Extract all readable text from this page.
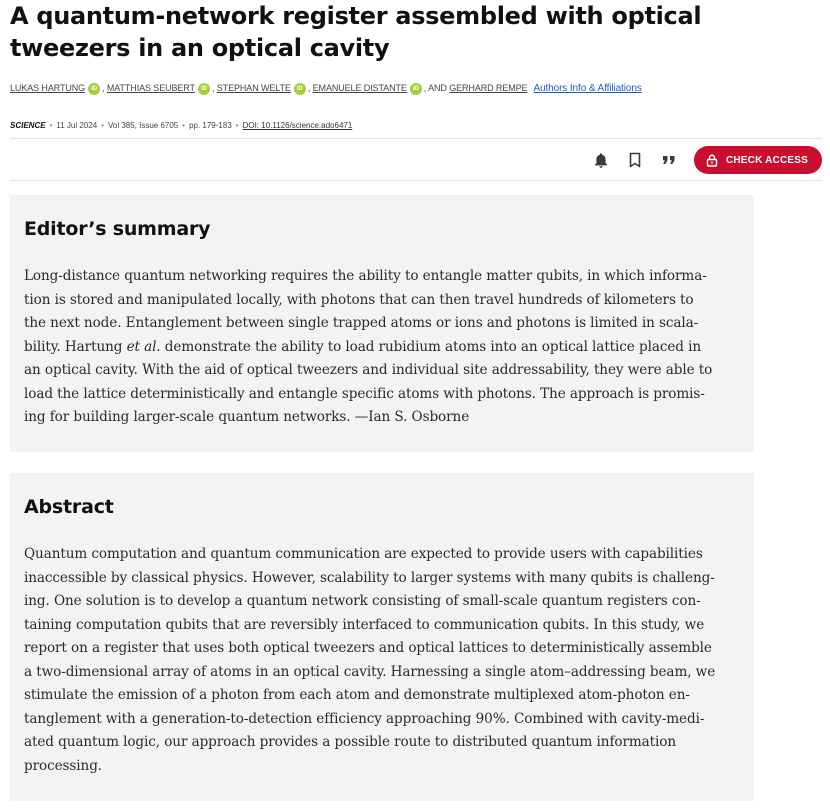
A quantum-network register assembled with optical tweezers in an optical cavity
LUKAS HARTUNG iD , MATTHIAS SEUBERT iD , STEPHAN WELTE iD , EMANUELE DISTANTE iD , AND GERHARD REMPE Authors Info & Affiliations
SCIENCE • 11 Jul 2024 • Vol 385, Issue 6705 • pp. 179-183 • DOI: 10.1126/science.ado6471
CHECK ACCESS
Editor’s summary

Long-distance quantum networking requires the ability to entangle matter qubits, in which informa-
tion is stored and manipulated locally, with photons that can then travel hundreds of kilometers to
the next node. Entanglement between single trapped atoms or ions and photons is limited in scala-
bility. Hartung et al. demonstrate the ability to load rubidium atoms into an optical lattice placed in
an optical cavity. With the aid of optical tweezers and individual site addressability, they were able to
load the lattice deterministically and entangle specific atoms with photons. The approach is promis-
ing for building larger-scale quantum networks. —Ian S. Osborne

Abstract

Quantum computation and quantum communication are expected to provide users with capabilities
inaccessible by classical physics. However, scalability to larger systems with many qubits is challeng-
ing. One solution is to develop a quantum network consisting of small-scale quantum registers con-
taining computation qubits that are reversibly interfaced to communication qubits. In this study, we
report on a register that uses both optical tweezers and optical lattices to deterministically assemble
a two-dimensional array of atoms in an optical cavity. Harnessing a single atom–addressing beam, we
stimulate the emission of a photon from each atom and demonstrate multiplexed atom-photon en-
tanglement with a generation-to-detection efficiency approaching 90%. Combined with cavity-medi-
ated quantum logic, our approach provides a possible route to distributed quantum information
processing.
